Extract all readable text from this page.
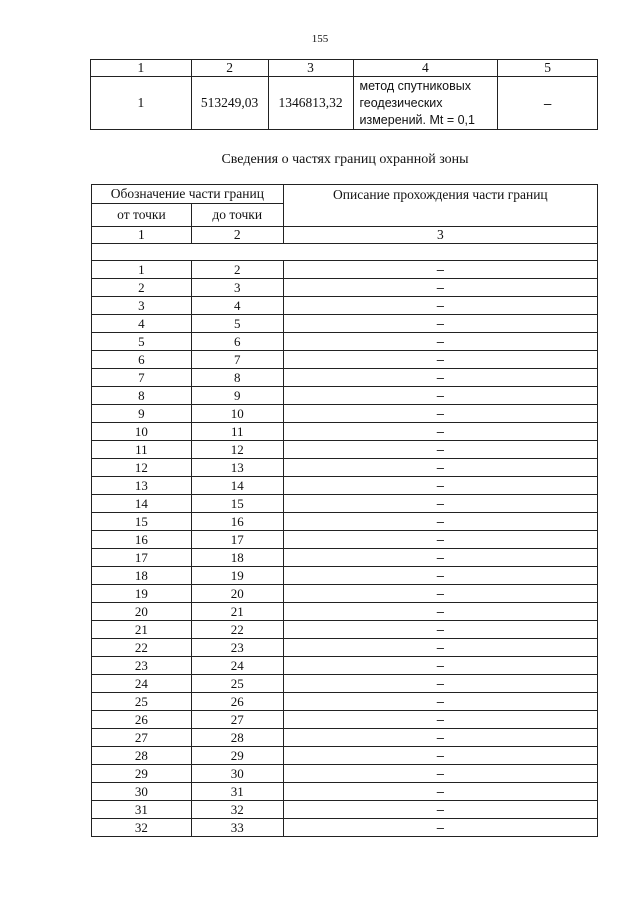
155
1	2	3	4	5
1	513249,03	1346813,32	метод спутниковых
геодезических
измерений. Mt = 0,1	–
Сведения о частях границ охранной зоны
Обозначение части границ		Описание прохождения части границ
от точки	до точки	
1	2	3

1	2	–
2	3	–
3	4	–
4	5	–
5	6	–
6	7	–
7	8	–
8	9	–
9	10	–
10	11	–
11	12	–
12	13	–
13	14	–
14	15	–
15	16	–
16	17	–
17	18	–
18	19	–
19	20	–
20	21	–
21	22	–
22	23	–
23	24	–
24	25	–
25	26	–
26	27	–
27	28	–
28	29	–
29	30	–
30	31	–
31	32	–
32	33	–
